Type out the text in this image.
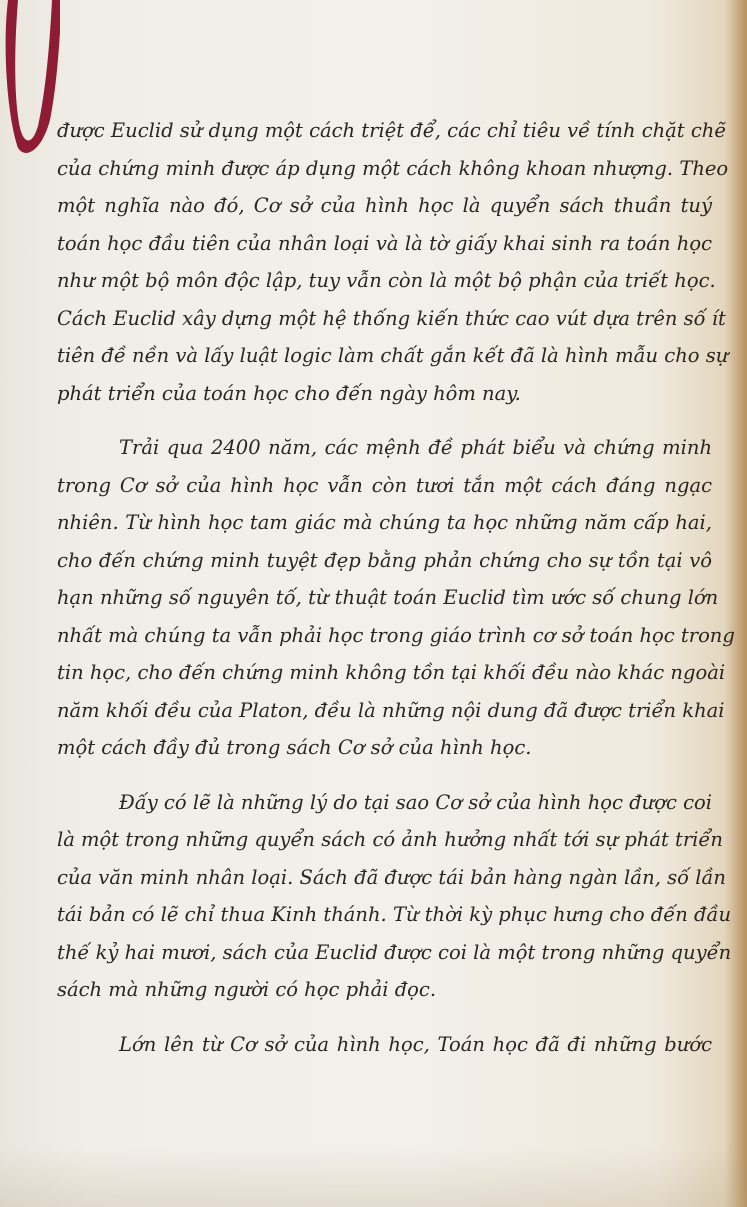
được Euclid sử dụng một cách triệt để, các chỉ tiêu về tính chặt chẽ
của chứng minh được áp dụng một cách không khoan nhượng. Theo
một nghĩa nào đó, Cơ sở của hình học là quyển sách thuần tuý
toán học đầu tiên của nhân loại và là tờ giấy khai sinh ra toán học
như một bộ môn độc lập, tuy vẫn còn là một bộ phận của triết học.
Cách Euclid xây dựng một hệ thống kiến thức cao vút dựa trên số ít
tiên đề nền và lấy luật logic làm chất gắn kết đã là hình mẫu cho sự
phát triển của toán học cho đến ngày hôm nay.
Trải qua 2400 năm, các mệnh đề phát biểu và chứng minh
trong Cơ sở của hình học vẫn còn tươi tắn một cách đáng ngạc
nhiên. Từ hình học tam giác mà chúng ta học những năm cấp hai,
cho đến chứng minh tuyệt đẹp bằng phản chứng cho sự tồn tại vô
hạn những số nguyên tố, từ thuật toán Euclid tìm ước số chung lớn
nhất mà chúng ta vẫn phải học trong giáo trình cơ sở toán học trong
tin học, cho đến chứng minh không tồn tại khối đều nào khác ngoài
năm khối đều của Platon, đều là những nội dung đã được triển khai
một cách đầy đủ trong sách Cơ sở của hình học.
Đấy có lẽ là những lý do tại sao Cơ sở của hình học được coi
là một trong những quyển sách có ảnh hưởng nhất tới sự phát triển
của văn minh nhân loại. Sách đã được tái bản hàng ngàn lần, số lần
tái bản có lẽ chỉ thua Kinh thánh. Từ thời kỳ phục hưng cho đến đầu
thế kỷ hai mươi, sách của Euclid được coi là một trong những quyển
sách mà những người có học phải đọc.
Lớn lên từ Cơ sở của hình học, Toán học đã đi những bước
